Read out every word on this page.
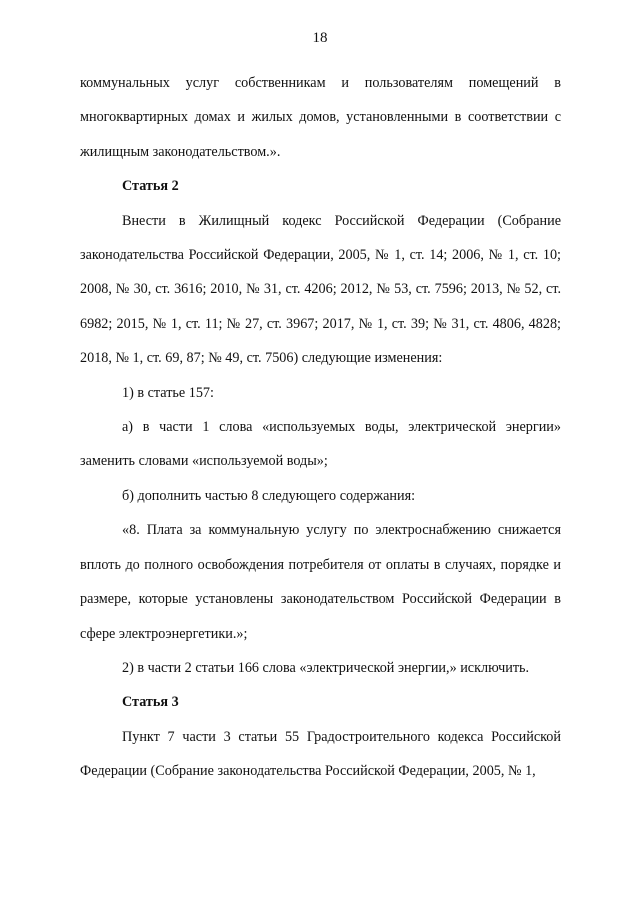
18

коммунальных услуг собственникам и пользователям помещений в многоквартирных домах и жилых домов, установленными в соответствии с жилищным законодательством.».

Статья 2

Внести в Жилищный кодекс Российской Федерации (Собрание законодательства Российской Федерации, 2005, № 1, ст. 14; 2006, № 1, ст. 10; 2008, № 30, ст. 3616; 2010, № 31, ст. 4206; 2012, № 53, ст. 7596; 2013, № 52, ст. 6982; 2015, № 1, ст. 11; № 27, ст. 3967; 2017, № 1, ст. 39; № 31, ст. 4806, 4828; 2018, № 1, ст. 69, 87; № 49, ст. 7506) следующие изменения:

1) в статье 157:

а) в части 1 слова «используемых воды, электрической энергии» заменить словами «используемой воды»;

б) дополнить частью 8 следующего содержания:

«8. Плата за коммунальную услугу по электроснабжению снижается вплоть до полного освобождения потребителя от оплаты в случаях, порядке и размере, которые установлены законодательством Российской Федерации в сфере электроэнергетики.»;

2) в части 2 статьи 166 слова «электрической энергии,» исключить.

Статья 3

Пункт 7 части 3 статьи 55 Градостроительного кодекса Российской Федерации (Собрание законодательства Российской Федерации, 2005, № 1,
